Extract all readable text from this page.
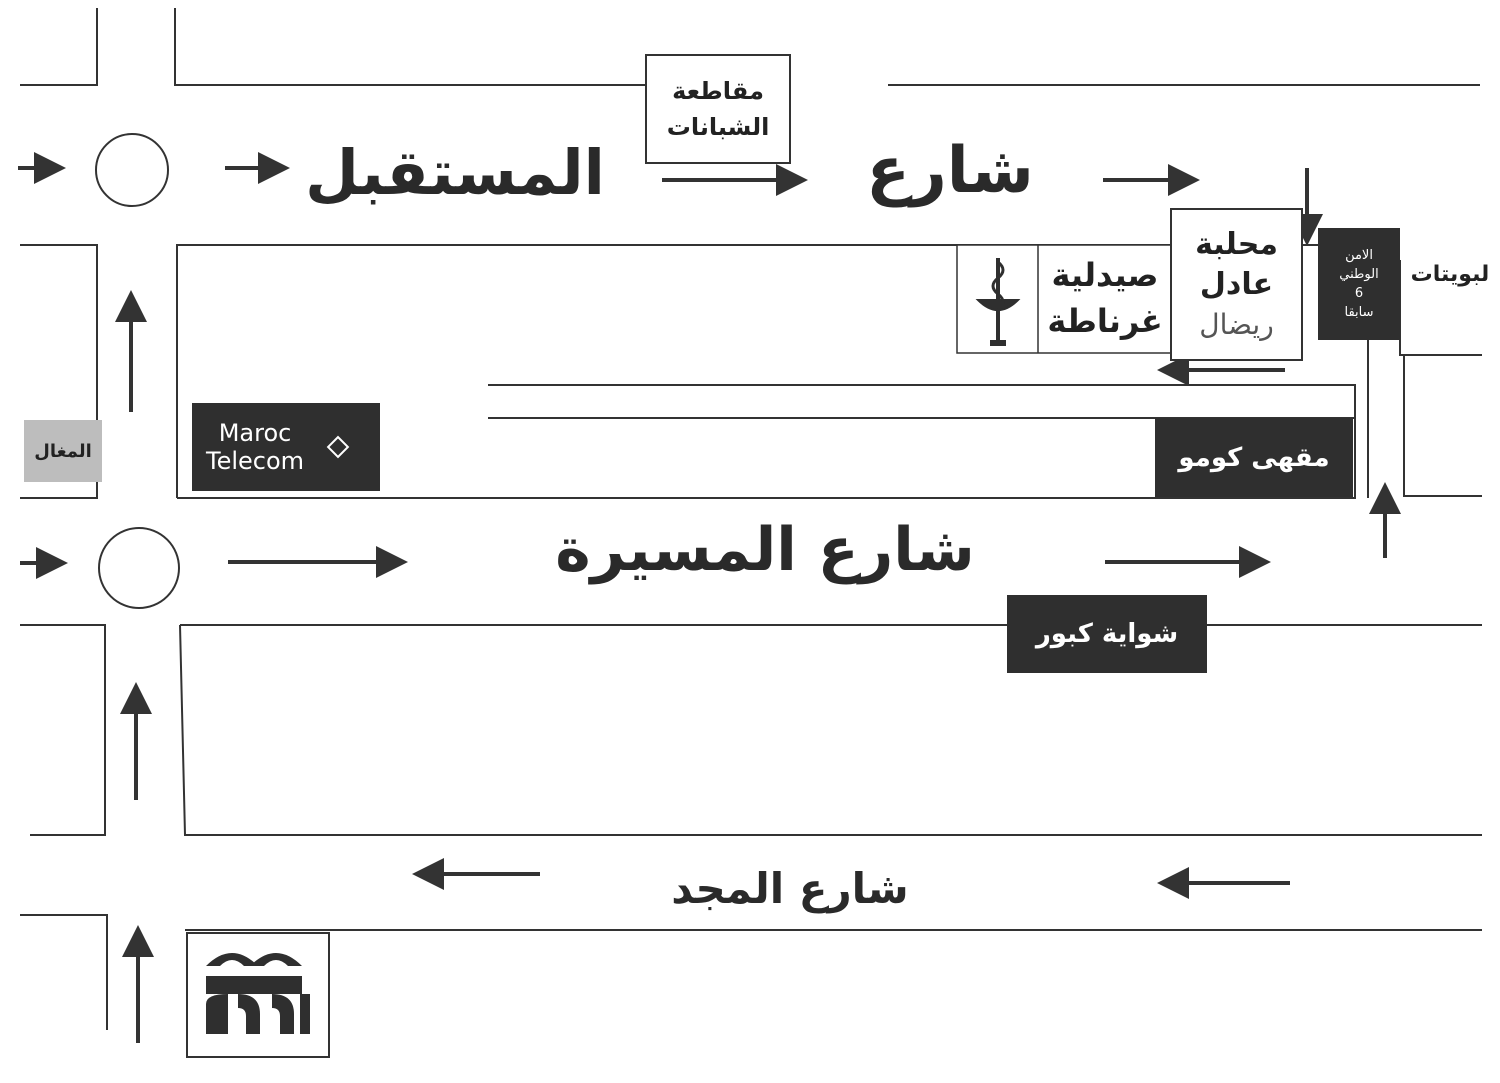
شارع
المستقبل
شارع المسيرة
شارع المجد
مقاطعة
الشبانات
محلبة
عادل
ريضال
صيدلية
غرناطة
الامن
الوطني
6
سابقا
لبويتات
مقهى كومو
شواية كبور
Maroc
Telecom
المغال
